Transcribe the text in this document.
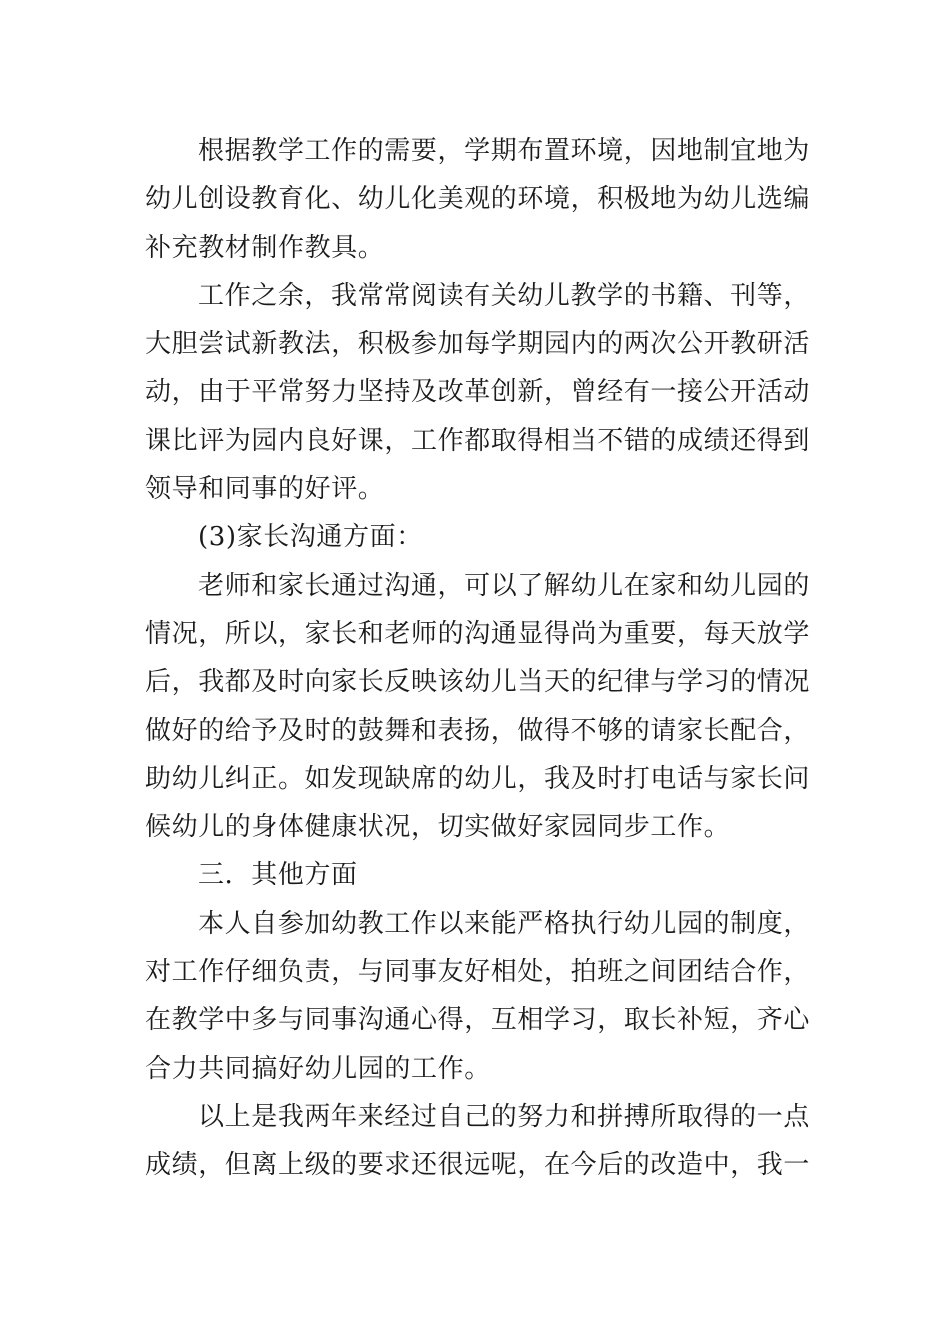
根据教学工作的需要，学期布置环境，因地制宜地为幼儿创设教育化、幼儿化美观的环境，积极地为幼儿选编补充教材制作教具。

工作之余，我常常阅读有关幼儿教学的书籍、刊等，大胆尝试新教法，积极参加每学期园内的两次公开教研活动，由于平常努力坚持及改革创新，曾经有一接公开活动课比评为园内良好课，工作都取得相当不错的成绩还得到领导和同事的好评。

(3)家长沟通方面：

老师和家长通过沟通，可以了解幼儿在家和幼儿园的情况，所以，家长和老师的沟通显得尚为重要，每天放学后，我都及时向家长反映该幼儿当天的纪律与学习的情况做好的给予及时的鼓舞和表扬，做得不够的请家长配合，助幼儿纠正。如发现缺席的幼儿，我及时打电话与家长问候幼儿的身体健康状况，切实做好家园同步工作。

三．其他方面

本人自参加幼教工作以来能严格执行幼儿园的制度，对工作仔细负责，与同事友好相处，拍班之间团结合作，在教学中多与同事沟通心得，互相学习，取长补短，齐心合力共同搞好幼儿园的工作。

以上是我两年来经过自己的努力和拼搏所取得的一点成绩，但离上级的要求还很远呢，在今后的改造中，我一
